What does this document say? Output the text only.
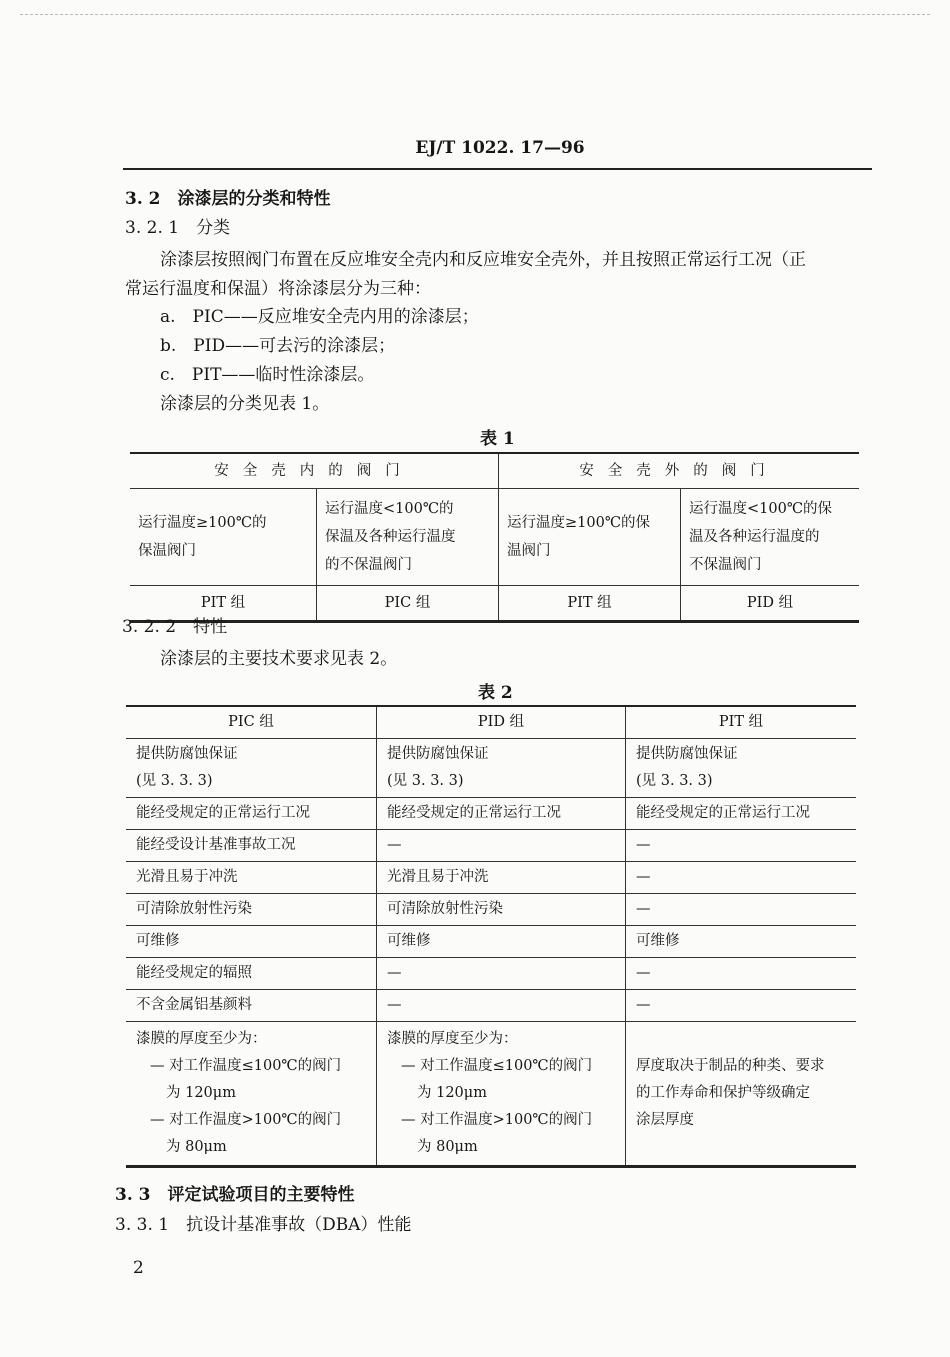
EJ/T 1022. 17—96
3. 2　涂漆层的分类和特性
3. 2. 1　分类
涂漆层按照阀门布置在反应堆安全壳内和反应堆安全壳外，并且按照正常运行工况（正
常运行温度和保温）将涂漆层分为三种：
a.　PIC——反应堆安全壳内用的涂漆层；
b.　PID——可去污的涂漆层；
c.　PIT——临时性涂漆层。
涂漆层的分类见表 1。
表 1
安全壳内的阀门		安全壳外的阀门	

运行温度≥100℃的
保温阀门	运行温度<100℃的
保温及各种运行温度
的不保温阀门	运行温度≥100℃的保
温阀门	运行温度<100℃的保
温及各种运行温度的
不保温阀门

PIT 组	PIC 组	PIT 组	PID 组
3. 2. 2　特性
涂漆层的主要技术要求见表 2。
表 2
PIC 组	PID 组	PIT 组

提供防腐蚀保证
(见 3. 3. 3)	提供防腐蚀保证
(见 3. 3. 3)	提供防腐蚀保证
(见 3. 3. 3)

能经受规定的正常运行工况	能经受规定的正常运行工况	能经受规定的正常运行工况

能经受设计基准事故工况	—	—

光滑且易于冲洗	光滑且易于冲洗	—

可清除放射性污染	可清除放射性污染	—

可维修	可维修	可维修

能经受规定的辐照	—	—

不含金属铝基颜料	—	—

漆膜的厚度至少为：
— 对工作温度≤100℃的阀门
为 120μm
— 对工作温度>100℃的阀门
为 80μm	漆膜的厚度至少为：
— 对工作温度≤100℃的阀门
为 120μm
— 对工作温度>100℃的阀门
为 80μm	厚度取决于制品的种类、要求
的工作寿命和保护等级确定
涂层厚度
3. 3　评定试验项目的主要特性
3. 3. 1　抗设计基准事故（DBA）性能
2
